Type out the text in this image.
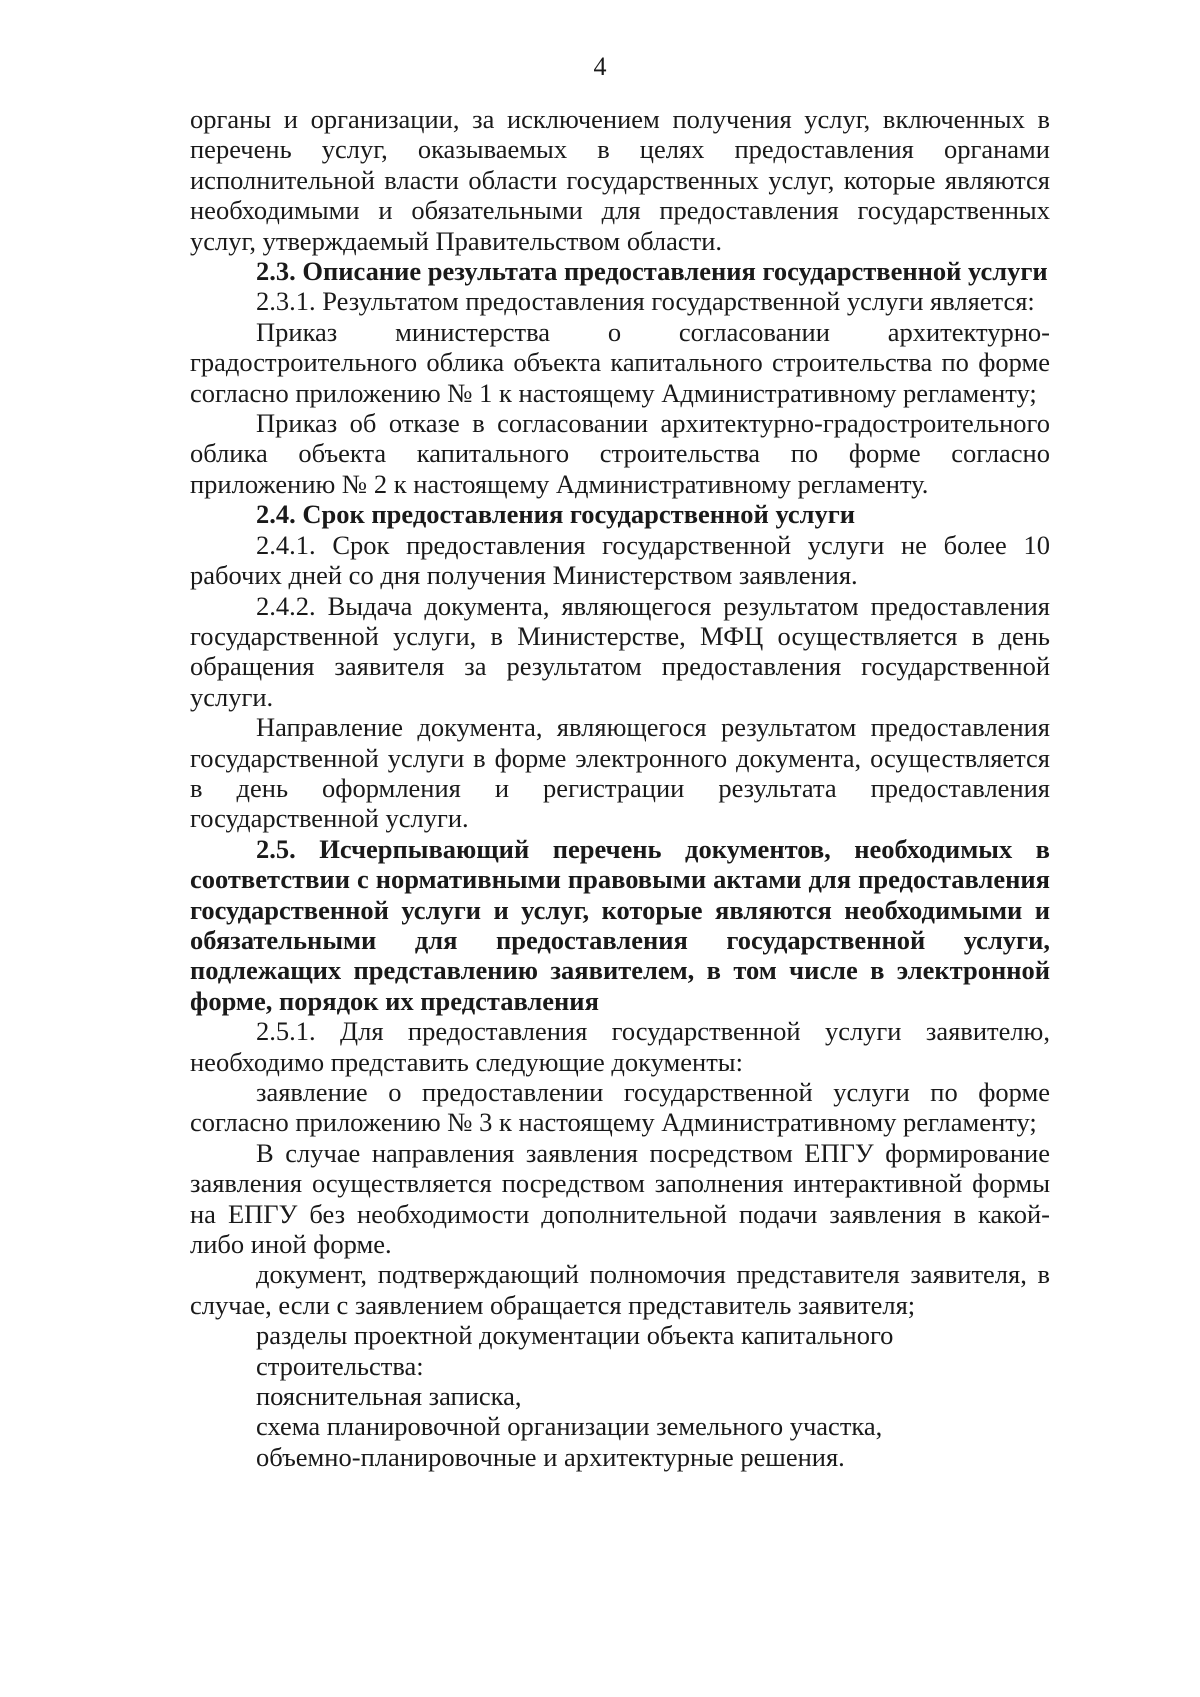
4

органы и организации, за исключением получения услуг, включенных в перечень услуг, оказываемых в целях предоставления органами исполнительной власти области государственных услуг, которые являются необходимыми и обязательными для предоставления государственных услуг, утверждаемый Правительством области.

2.3. Описание результата предоставления государственной услуги

2.3.1. Результатом предоставления государственной услуги является:

Приказ министерства о согласовании архитектурно-градостроительного облика объекта капитального строительства по форме согласно приложению № 1 к настоящему Административному регламенту;

Приказ об отказе в согласовании архитектурно-градостроительного облика объекта капитального строительства по форме согласно приложению № 2 к настоящему Административному регламенту.

2.4. Срок предоставления государственной услуги

2.4.1. Срок предоставления государственной услуги не более 10 рабочих дней со дня получения Министерством заявления.

2.4.2. Выдача документа, являющегося результатом предоставления государственной услуги, в Министерстве, МФЦ осуществляется в день обращения заявителя за результатом предоставления государственной услуги.

Направление документа, являющегося результатом предоставления государственной услуги в форме электронного документа, осуществляется в день оформления и регистрации результата предоставления государственной услуги.

2.5. Исчерпывающий перечень документов, необходимых в соответствии с нормативными правовыми актами для предоставления государственной услуги и услуг, которые являются необходимыми и обязательными для предоставления государственной услуги, подлежащих представлению заявителем, в том числе в электронной форме, порядок их представления

2.5.1. Для предоставления государственной услуги заявителю, необходимо представить следующие документы:

заявление о предоставлении государственной услуги по форме согласно приложению № 3 к настоящему Административному регламенту;

В случае направления заявления посредством ЕПГУ формирование заявления осуществляется посредством заполнения интерактивной формы на ЕПГУ без необходимости дополнительной подачи заявления в какой-либо иной форме.

документ, подтверждающий полномочия представителя заявителя, в случае, если с заявлением обращается представитель заявителя;

разделы проектной документации объекта капитального строительства:

пояснительная записка,

схема планировочной организации земельного участка,

объемно-планировочные и архитектурные решения.
